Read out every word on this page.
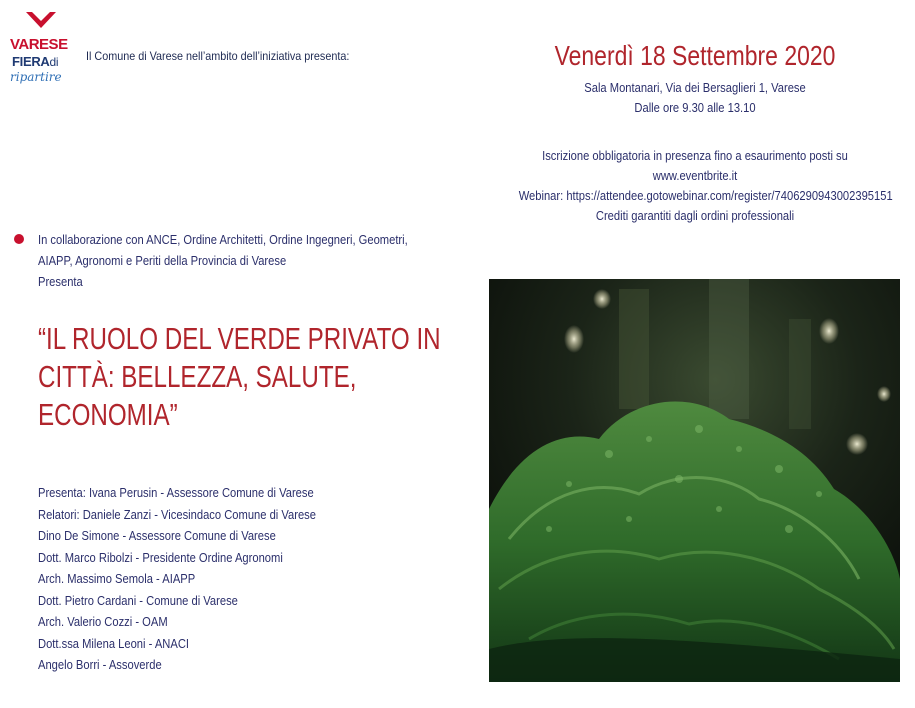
VARESE
FIERAdi
ripartire
Il Comune di Varese nell’ambito dell’iniziativa presenta:	Venerdì 18 Settembre 2020
Sala Montanari, Via dei Bersaglieri 1, Varese
Dalle ore 9.30 alle 13.10
Iscrizione obbligatoria in presenza fino a esaurimento posti su
www.eventbrite.it
Webinar: https://attendee.gotowebinar.com/register/7406290943002395151
Crediti garantiti dagli ordini professionali
In collaborazione con ANCE, Ordine Architetti, Ordine Ingegneri, Geometri,
AIAPP, Agronomi e Periti della Provincia di Varese
Presenta
“IL RUOLO DEL VERDE PRIVATO IN
CITTÀ: BELLEZZA, SALUTE,
ECONOMIA”
Presenta: Ivana Perusin - Assessore Comune di Varese
Relatori: Daniele Zanzi - Vicesindaco Comune di Varese
Dino De Simone - Assessore Comune di Varese
Dott. Marco Ribolzi - Presidente Ordine Agronomi
Arch. Massimo Semola - AIAPP
Dott. Pietro Cardani - Comune di Varese
Arch. Valerio Cozzi - OAM
Dott.ssa Milena Leoni - ANACI
Angelo Borri - Assoverde
